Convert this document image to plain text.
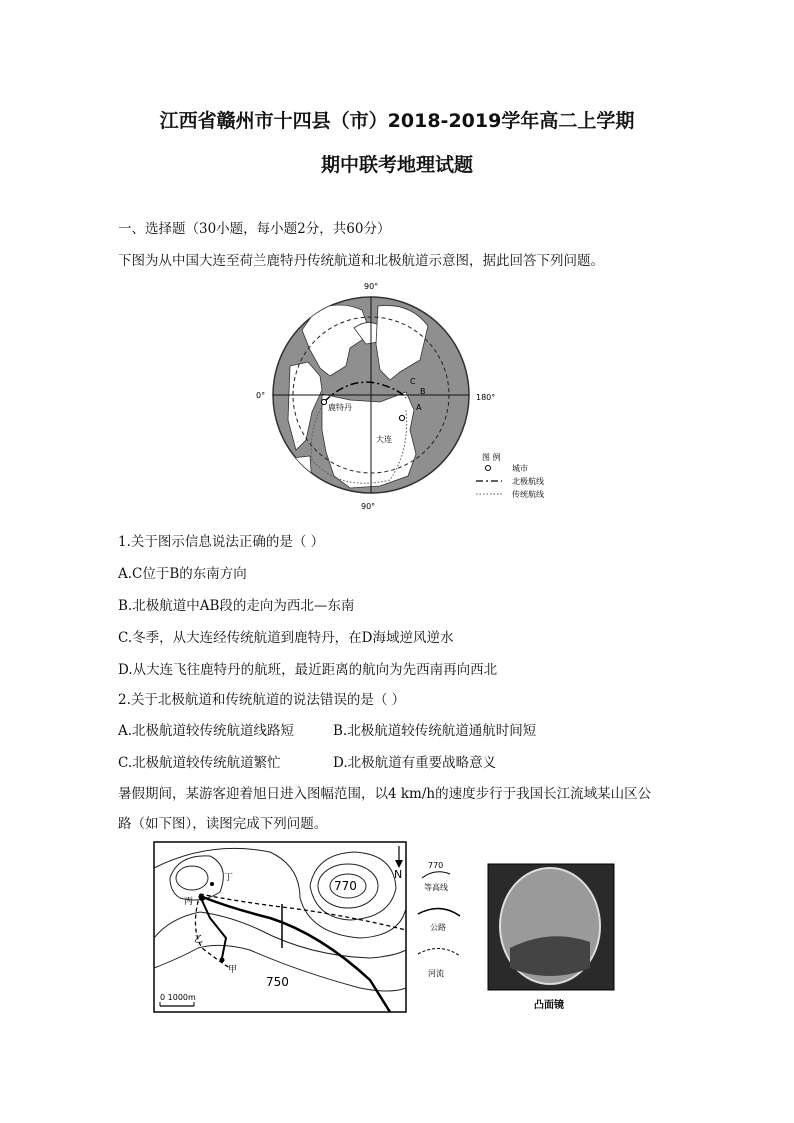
江西省赣州市十四县（市）2018-2019学年高二上学期
期中联考地理试题
一、选择题（30小题，每小题2分，共60分）
下图为从中国大连至荷兰鹿特丹传统航道和北极航道示意图，据此回答下列问题。
90°
90°
0°	180°
鹿特丹
大连
B
C
A
图 例
城市
北极航线
传统航线
1.关于图示信息说法正确的是（ ）
A.C位于B的东南方向
B.北极航道中AB段的走向为西北—东南
C.冬季，从大连经传统航道到鹿特丹，在D海域逆风逆水
D.从大连飞往鹿特丹的航班，最近距离的航向为先西南再向西北
2.关于北极航道和传统航道的说法错误的是（ ）
A.北极航道较传统航道线路短	B.北极航道较传统航道通航时间短
C.北极航道较传统航道繁忙	D.北极航道有重要战略意义
暑假期间，某游客迎着旭日进入图幅范围，以4 km/h的速度步行于我国长江流域某山区公
路（如下图），读图完成下列问题。
770
750
丁
丙
乙
甲
N
0 1000m
770
等高线
公路
河流
凸面镜
